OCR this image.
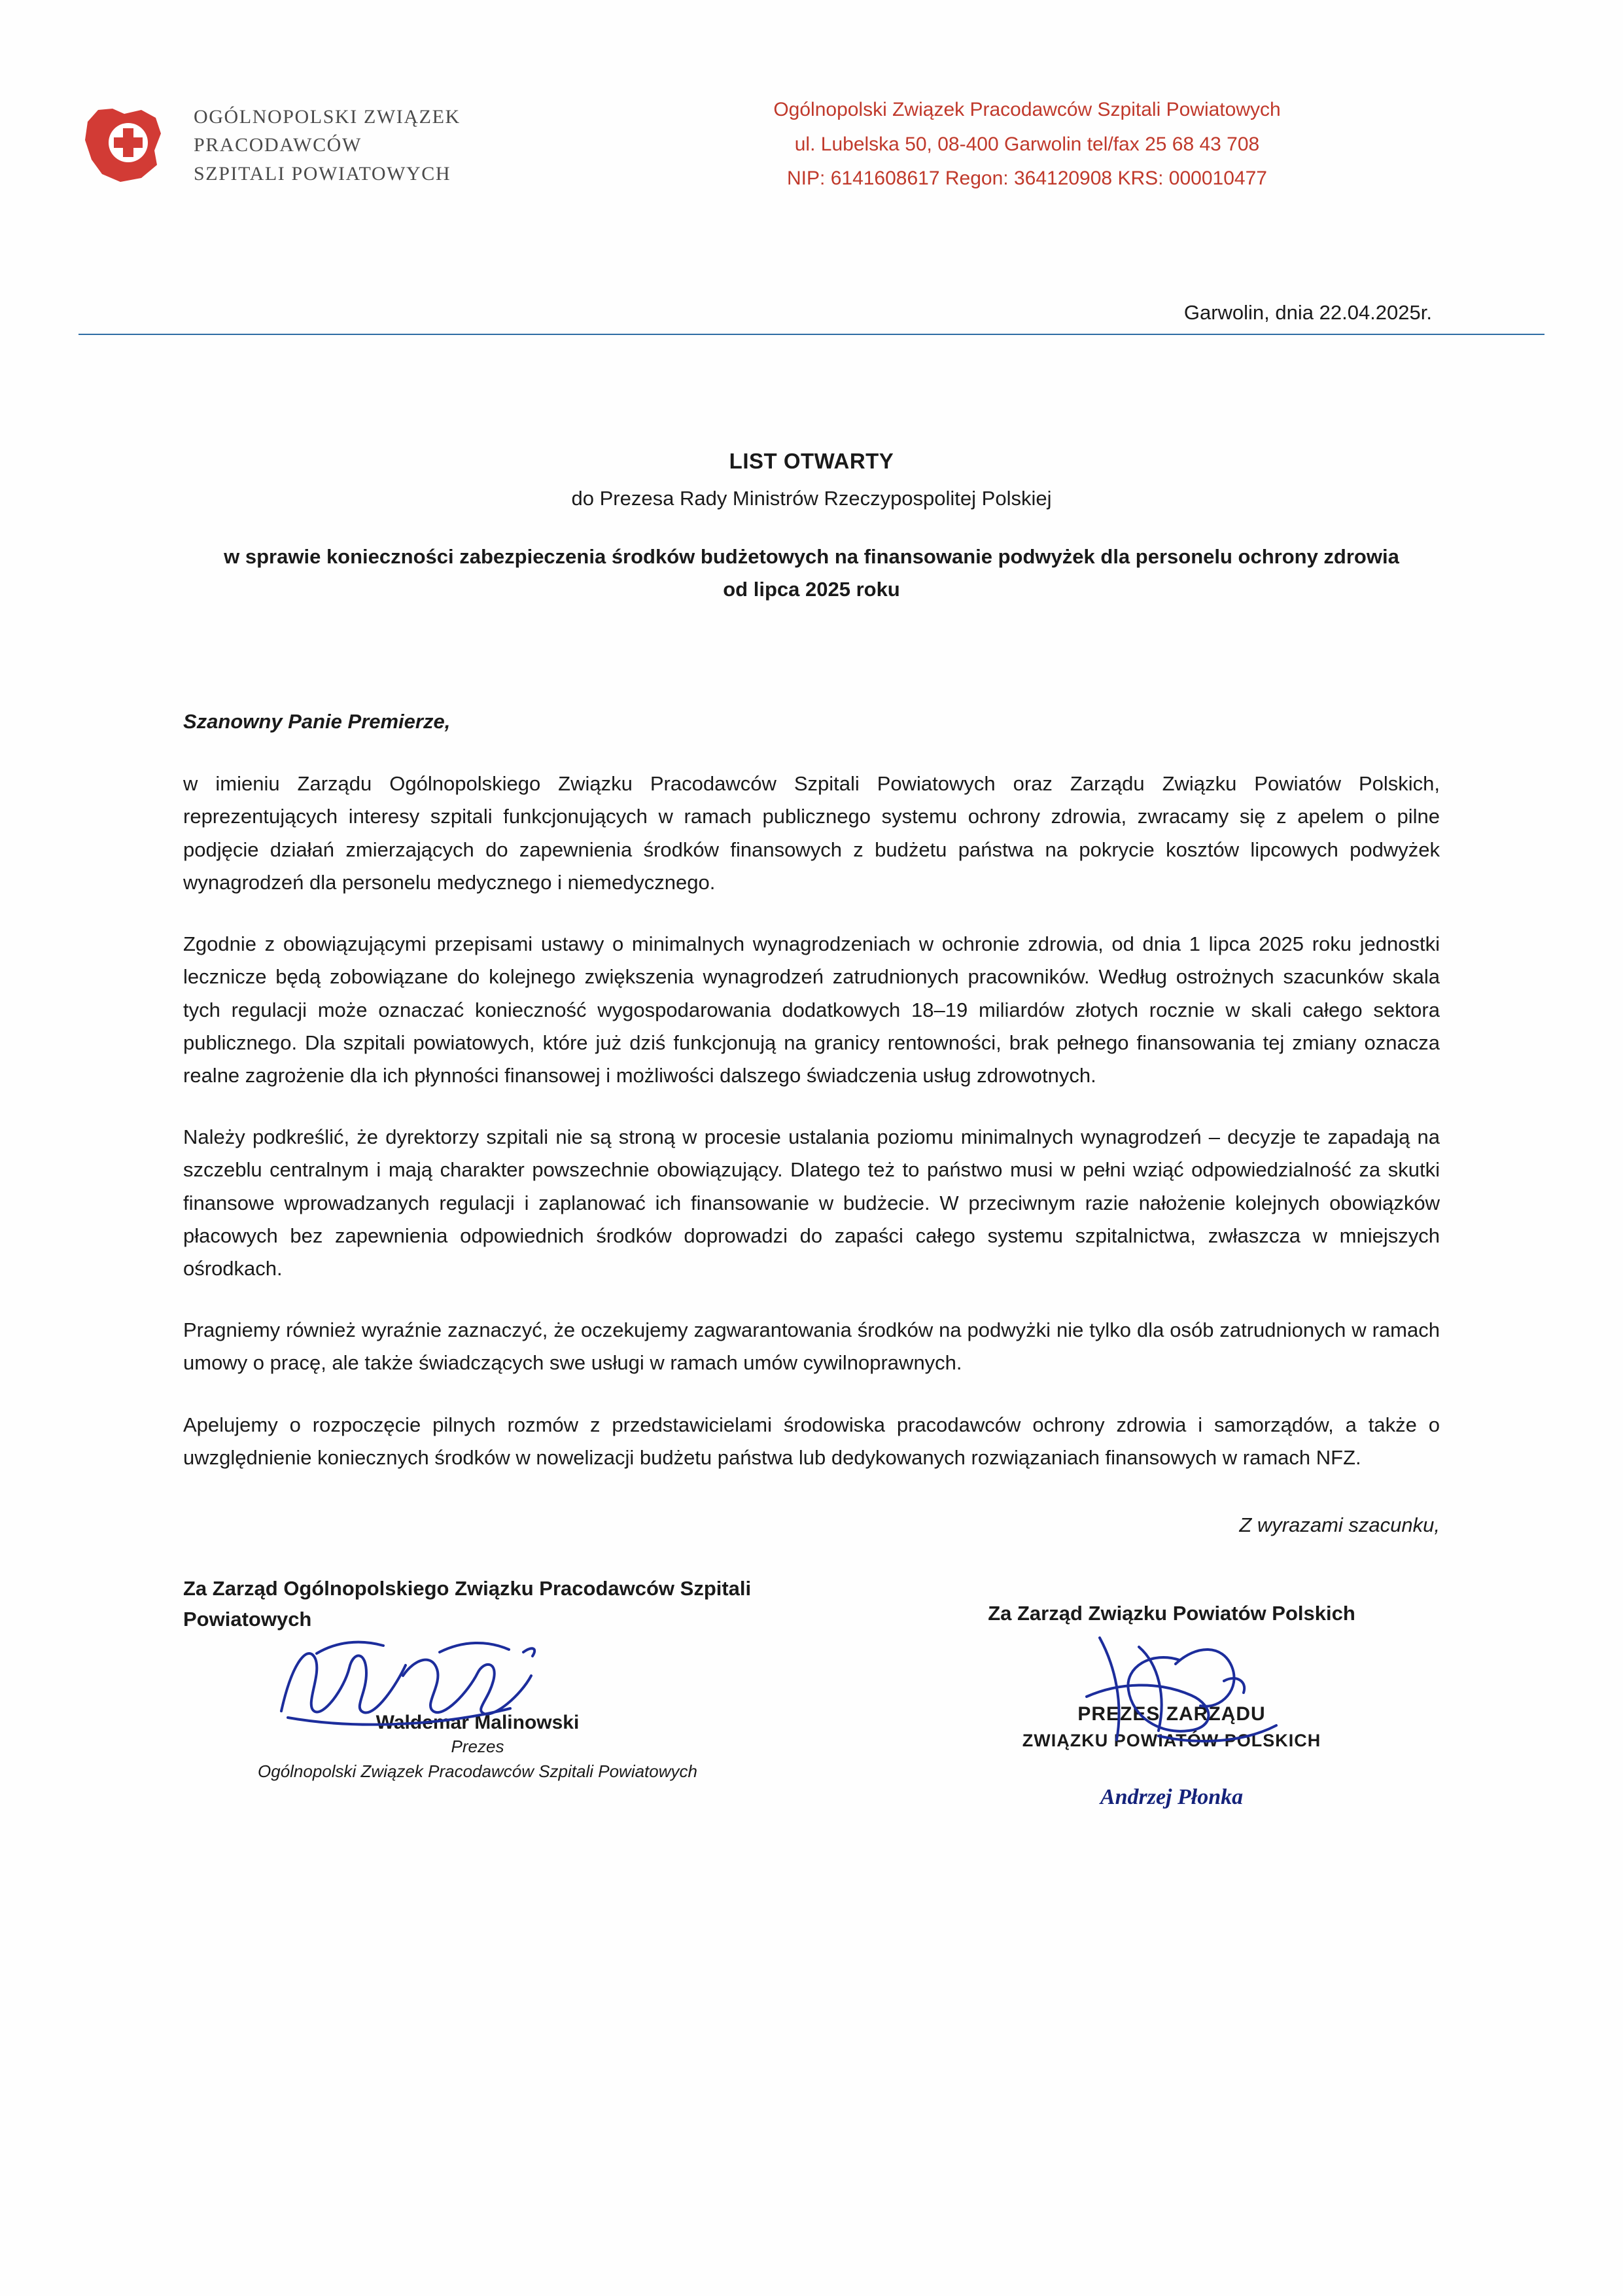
OGÓLNOPOLSKI ZWIĄZEK
PRACODAWCÓW
SZPITALI POWIATOWYCH
Ogólnopolski Związek Pracodawców Szpitali Powiatowych
ul. Lubelska 50, 08-400 Garwolin tel/fax 25 68 43 708
NIP: 6141608617 Regon: 364120908 KRS: 000010477
Garwolin, dnia 22.04.2025r.
LIST OTWARTY
do Prezesa Rady Ministrów Rzeczypospolitej Polskiej
w sprawie konieczności zabezpieczenia środków budżetowych na finansowanie podwyżek dla personelu ochrony zdrowia od lipca 2025 roku
Szanowny Panie Premierze,

w imieniu Zarządu Ogólnopolskiego Związku Pracodawców Szpitali Powiatowych oraz Zarządu Związku Powiatów Polskich, reprezentujących interesy szpitali funkcjonujących w ramach publicznego systemu ochrony zdrowia, zwracamy się z apelem o pilne podjęcie działań zmierzających do zapewnienia środków finansowych z budżetu państwa na pokrycie kosztów lipcowych podwyżek wynagrodzeń dla personelu medycznego i niemedycznego.

Zgodnie z obowiązującymi przepisami ustawy o minimalnych wynagrodzeniach w ochronie zdrowia, od dnia 1 lipca 2025 roku jednostki lecznicze będą zobowiązane do kolejnego zwiększenia wynagrodzeń zatrudnionych pracowników. Według ostrożnych szacunków skala tych regulacji może oznaczać konieczność wygospodarowania dodatkowych 18–19 miliardów złotych rocznie w skali całego sektora publicznego. Dla szpitali powiatowych, które już dziś funkcjonują na granicy rentowności, brak pełnego finansowania tej zmiany oznacza realne zagrożenie dla ich płynności finansowej i możliwości dalszego świadczenia usług zdrowotnych.

Należy podkreślić, że dyrektorzy szpitali nie są stroną w procesie ustalania poziomu minimalnych wynagrodzeń – decyzje te zapadają na szczeblu centralnym i mają charakter powszechnie obowiązujący. Dlatego też to państwo musi w pełni wziąć odpowiedzialność za skutki finansowe wprowadzanych regulacji i zaplanować ich finansowanie w budżecie. W przeciwnym razie nałożenie kolejnych obowiązków płacowych bez zapewnienia odpowiednich środków doprowadzi do zapaści całego systemu szpitalnictwa, zwłaszcza w mniejszych ośrodkach.

Pragniemy również wyraźnie zaznaczyć, że oczekujemy zagwarantowania środków na podwyżki nie tylko dla osób zatrudnionych w ramach umowy o pracę, ale także świadczących swe usługi w ramach umów cywilnoprawnych.

Apelujemy o rozpoczęcie pilnych rozmów z przedstawicielami środowiska pracodawców ochrony zdrowia i samorządów, a także o uwzględnienie koniecznych środków w nowelizacji budżetu państwa lub dedykowanych rozwiązaniach finansowych w ramach NFZ.

Z wyrazami szacunku,
Za Zarząd Ogólnopolskiego Związku Pracodawców Szpitali Powiatowych
Waldemar Malinowski
Prezes
Ogólnopolski Związek Pracodawców Szpitali Powiatowych
Za Zarząd Związku Powiatów Polskich
PREZES ZARZĄDU
ZWIĄZKU POWIATÓW POLSKICH
Andrzej Płonka
